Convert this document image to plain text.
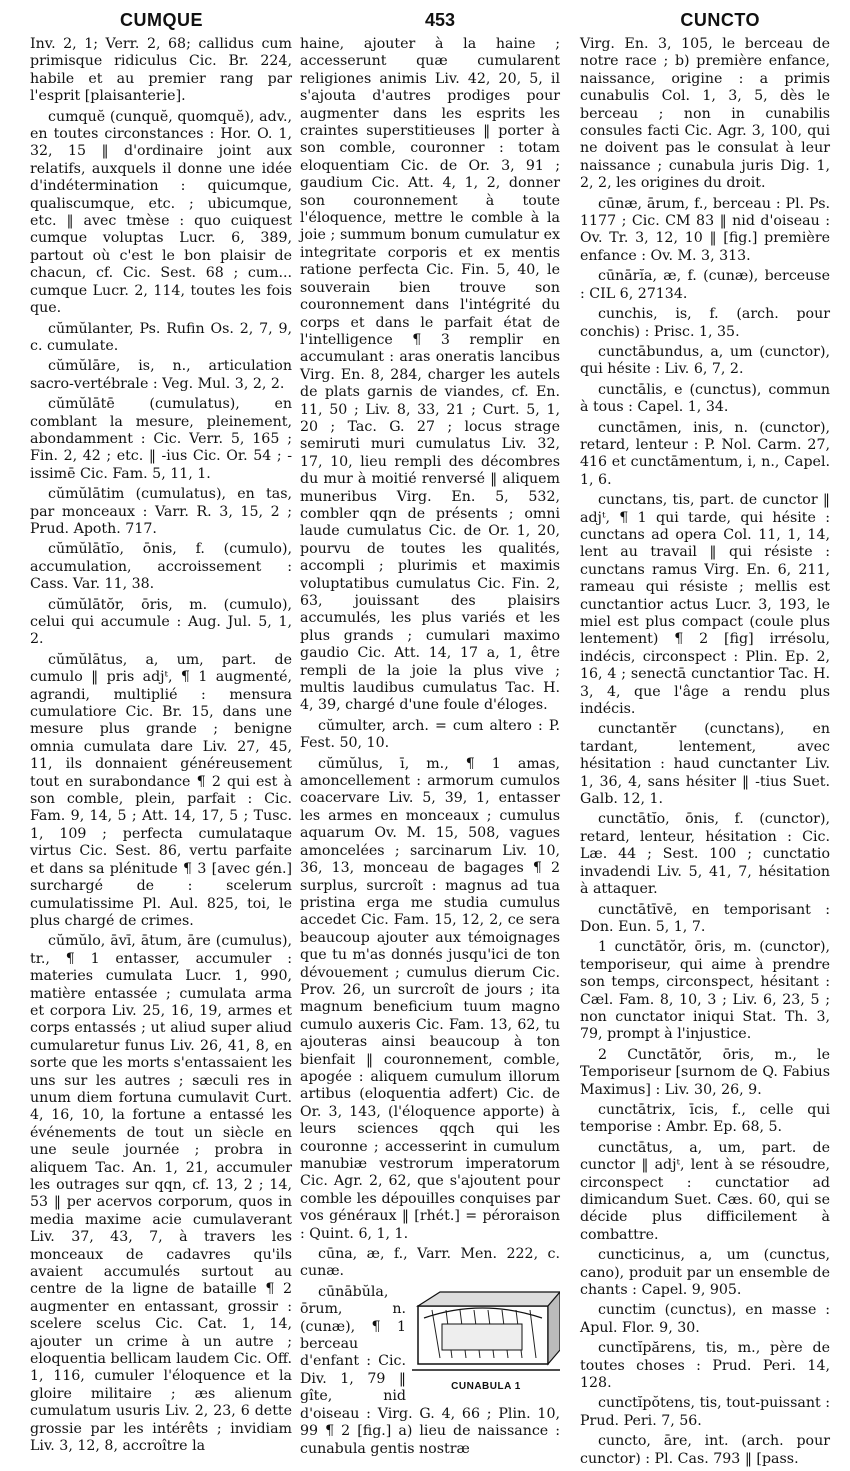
CUMQUE	453	CUNCTO

Inv. 2, 1; Verr. 2, 68; callidus cum primisque ridiculus Cic. Br. 224, habile et au premier rang par l'esprit [plaisanterie].

cumquĕ (cunquĕ, quomquĕ), adv., en toutes circonstances : Hor. O. 1, 32, 15 ‖ d'ordinaire joint aux relatifs, auxquels il donne une idée d'indétermination : quicumque, qualiscumque, etc. ; ubicumque, etc. ‖ avec tmèse : quo cuiquest cumque voluptas Lucr. 6, 389, partout où c'est le bon plaisir de chacun, cf. Cic. Sest. 68 ; cum... cumque Lucr. 2, 114, toutes les fois que.

cŭmŭlanter, Ps. Rufin Os. 2, 7, 9, c. cumulate.

cŭmŭlāre, is, n., articulation sacro-vertébrale : Veg. Mul. 3, 2, 2.

cŭmŭlātē (cumulatus), en comblant la mesure, pleinement, abondamment : Cic. Verr. 5, 165 ; Fin. 2, 42 ; etc. ‖ -ius Cic. Or. 54 ; -issimē Cic. Fam. 5, 11, 1.

cŭmŭlātim (cumulatus), en tas, par monceaux : Varr. R. 3, 15, 2 ; Prud. Apoth. 717.

cŭmŭlātĭo, ōnis, f. (cumulo), accumulation, accroissement : Cass. Var. 11, 38.

cŭmŭlātŏr, ōris, m. (cumulo), celui qui accumule : Aug. Jul. 5, 1, 2.

cŭmŭlātus, a, um, part. de cumulo ‖ pris adjᵗ, ¶ 1 augmenté, agrandi, multiplié : mensura cumulatiore Cic. Br. 15, dans une mesure plus grande ; benigne omnia cumulata dare Liv. 27, 45, 11, ils donnaient généreusement tout en surabondance ¶ 2 qui est à son comble, plein, parfait : Cic. Fam. 9, 14, 5 ; Att. 14, 17, 5 ; Tusc. 1, 109 ; perfecta cumulataque virtus Cic. Sest. 86, vertu parfaite et dans sa plénitude ¶ 3 [avec gén.] surchargé de : scelerum cumulatissime Pl. Aul. 825, toi, le plus chargé de crimes.

cŭmŭlo, āvī, ātum, āre (cumulus), tr., ¶ 1 entasser, accumuler : materies cumulata Lucr. 1, 990, matière entassée ; cumulata arma et corpora Liv. 25, 16, 19, armes et corps entassés ; ut aliud super aliud cumularetur funus Liv. 26, 41, 8, en sorte que les morts s'entassaient les uns sur les autres ; sæculi res in unum diem fortuna cumulavit Curt. 4, 16, 10, la fortune a entassé les événements de tout un siècle en une seule journée ; probra in aliquem Tac. An. 1, 21, accumuler les outrages sur qqn, cf. 13, 2 ; 14, 53 ‖ per acervos corporum, quos in media maxime acie cumulaverant Liv. 37, 43, 7, à travers les monceaux de cadavres qu'ils avaient accumulés surtout au centre de la ligne de bataille ¶ 2 augmenter en entassant, grossir : scelere scelus Cic. Cat. 1, 14, ajouter un crime à un autre ; eloquentia bellicam laudem Cic. Off. 1, 116, cumuler l'éloquence et la gloire militaire ; æs alienum cumulatum usuris Liv. 2, 23, 6 dette grossie par les intérêts ; invidiam Liv. 3, 12, 8, accroître la

haine, ajouter à la haine ; accesserunt quæ cumularent religiones animis Liv. 42, 20, 5, il s'ajouta d'autres prodiges pour augmenter dans les esprits les craintes superstitieuses ‖ porter à son comble, couronner : totam eloquentiam Cic. de Or. 3, 91 ; gaudium Cic. Att. 4, 1, 2, donner son couronnement à toute l'éloquence, mettre le comble à la joie ; summum bonum cumulatur ex integritate corporis et ex mentis ratione perfecta Cic. Fin. 5, 40, le souverain bien trouve son couronnement dans l'intégrité du corps et dans le parfait état de l'intelligence ¶ 3 remplir en accumulant : aras oneratis lancibus Virg. En. 8, 284, charger les autels de plats garnis de viandes, cf. En. 11, 50 ; Liv. 8, 33, 21 ; Curt. 5, 1, 20 ; Tac. G. 27 ; locus strage semiruti muri cumulatus Liv. 32, 17, 10, lieu rempli des décombres du mur à moitié renversé ‖ aliquem muneribus Virg. En. 5, 532, combler qqn de présents ; omni laude cumulatus Cic. de Or. 1, 20, pourvu de toutes les qualités, accompli ; plurimis et maximis voluptatibus cumulatus Cic. Fin. 2, 63, jouissant des plaisirs accumulés, les plus variés et les plus grands ; cumulari maximo gaudio Cic. Att. 14, 17 a, 1, être rempli de la joie la plus vive ; multis laudibus cumulatus Tac. H. 4, 39, chargé d'une foule d'éloges.

cŭmulter, arch. = cum altero : P. Fest. 50, 10.

cŭmŭlus, ī, m., ¶ 1 amas, amoncellement : armorum cumulos coacervare Liv. 5, 39, 1, entasser les armes en monceaux ; cumulus aquarum Ov. M. 15, 508, vagues amoncelées ; sarcinarum Liv. 10, 36, 13, monceau de bagages ¶ 2 surplus, surcroît : magnus ad tua pristina erga me studia cumulus accedet Cic. Fam. 15, 12, 2, ce sera beaucoup ajouter aux témoignages que tu m'as donnés jusqu'ici de ton dévouement ; cumulus dierum Cic. Prov. 26, un surcroît de jours ; ita magnum beneficium tuum magno cumulo auxeris Cic. Fam. 13, 62, tu ajouteras ainsi beaucoup à ton bienfait ‖ couronnement, comble, apogée : aliquem cumulum illorum artibus (eloquentia adfert) Cic. de Or. 3, 143, (l'éloquence apporte) à leurs sciences qqch qui les couronne ; accesserint in cumulum manubiæ vestrorum imperatorum Cic. Agr. 2, 62, que s'ajoutent pour comble les dépouilles conquises par vos généraux ‖ [rhét.] = péroraison : Quint. 6, 1, 1.

cūna, æ, f., Varr. Men. 222, c. cunæ.

CUNABULA 1

cūnābŭla, ōrum, n. (cunæ), ¶ 1 berceau d'enfant : Cic. Div. 1, 79 ‖ gîte, nid d'oiseau : Virg. G. 4, 66 ; Plin. 10, 99 ¶ 2 [fig.] a) lieu de naissance : cunabula gentis nostræ

Virg. En. 3, 105, le berceau de notre race ; b) première enfance, naissance, origine : a primis cunabulis Col. 1, 3, 5, dès le berceau ; non in cunabilis consules facti Cic. Agr. 3, 100, qui ne doivent pas le consulat à leur naissance ; cunabula juris Dig. 1, 2, 2, les origines du droit.

cūnæ, ārum, f., berceau : Pl. Ps. 1177 ; Cic. CM 83 ‖ nid d'oiseau : Ov. Tr. 3, 12, 10 ‖ [fig.] première enfance : Ov. M. 3, 313.

cūnārĭa, æ, f. (cunæ), berceuse : CIL 6, 27134.

cunchis, is, f. (arch. pour conchis) : Prisc. 1, 35.

cunctābundus, a, um (cunctor), qui hésite : Liv. 6, 7, 2.

cunctālis, e (cunctus), commun à tous : Capel. 1, 34.

cunctāmen, inis, n. (cunctor), retard, lenteur : P. Nol. Carm. 27, 416 et cunctāmentum, i, n., Capel. 1, 6.

cunctans, tis, part. de cunctor ‖ adjᵗ, ¶ 1 qui tarde, qui hésite : cunctans ad opera Col. 11, 1, 14, lent au travail ‖ qui résiste : cunctans ramus Virg. En. 6, 211, rameau qui résiste ; mellis est cunctantior actus Lucr. 3, 193, le miel est plus compact (coule plus lentement) ¶ 2 [fig] irrésolu, indécis, circonspect : Plin. Ep. 2, 16, 4 ; senectā cunctantior Tac. H. 3, 4, que l'âge a rendu plus indécis.

cunctantĕr (cunctans), en tardant, lentement, avec hésitation : haud cunctanter Liv. 1, 36, 4, sans hésiter ‖ -tius Suet. Galb. 12, 1.

cunctātĭo, ōnis, f. (cunctor), retard, lenteur, hésitation : Cic. Læ. 44 ; Sest. 100 ; cunctatio invadendi Liv. 5, 41, 7, hésitation à attaquer.

cunctātīvē, en temporisant : Don. Eun. 5, 1, 7.

1 cunctātŏr, ōris, m. (cunctor), temporiseur, qui aime à prendre son temps, circonspect, hésitant : Cæl. Fam. 8, 10, 3 ; Liv. 6, 23, 5 ; non cunctator iniqui Stat. Th. 3, 79, prompt à l'injustice.

2 Cunctātŏr, ōris, m., le Temporiseur [surnom de Q. Fabius Maximus] : Liv. 30, 26, 9.

cunctātrix, īcis, f., celle qui temporise : Ambr. Ep. 68, 5.

cunctātus, a, um, part. de cunctor ‖ adjᵗ, lent à se résoudre, circonspect : cunctatior ad dimicandum Suet. Cæs. 60, qui se décide plus difficilement à combattre.

cuncticinus, a, um (cunctus, cano), produit par un ensemble de chants : Capel. 9, 905.

cunctim (cunctus), en masse : Apul. Flor. 9, 30.

cunctĭpărens, tis, m., père de toutes choses : Prud. Peri. 14, 128.

cunctĭpŏtens, tis, tout-puissant : Prud. Peri. 7, 56.

cuncto, āre, int. (arch. pour cunctor) : Pl. Cas. 793 ‖ [pass.
